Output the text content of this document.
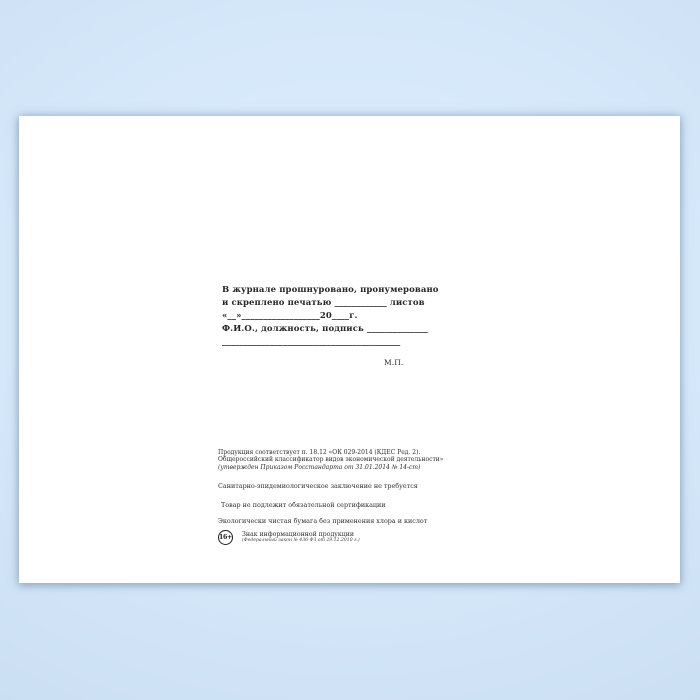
В журнале прошнуровано, пронумеровано
и скреплено печатью ____________ листов
«__»__________________20____г.
Ф.И.О., должность, подпись ______________
_________________________________________
М.П.
Продукция соответствует п. 18.12 «ОК 029-2014 (КДЕС Ред. 2).
Общероссийский классификатор видов экономической деятельности»
(утвержден Приказом Росстандарта от 31.01.2014 № 14-ст)
Санитарно-эпидемиологическое заключение не требуется
Товар не подлежит обязательной сертификации
Экологически чистая бумага без применения хлора и кислот
16+ Знак информационной продукции
(Федеральный закон № 436-ФЗ от 29.12.2010 г.)
